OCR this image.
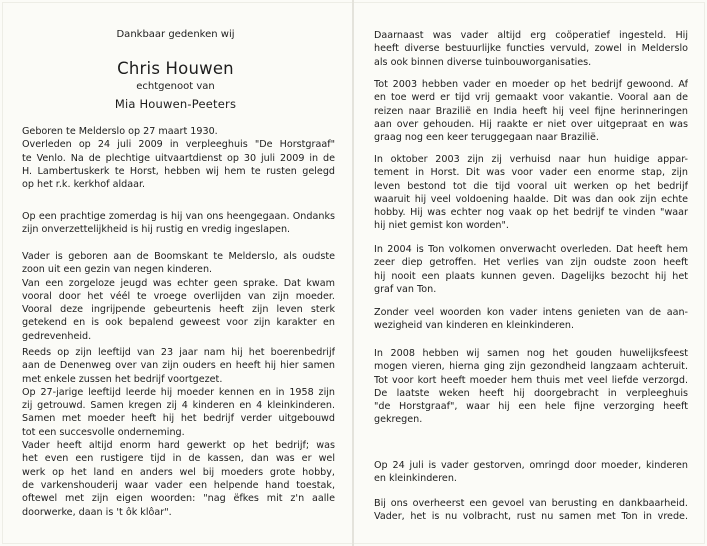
Dankbaar gedenken wij
Chris Houwen
echtgenoot van
Mia Houwen-Peeters
Geboren te Melderslo op 27 maart 1930.
Overleden op 24 juli 2009 in verpleeghuis "De Horstgraaf"
te Venlo. Na de plechtige uitvaartdienst op 30 juli 2009 in de
H. Lambertuskerk te Horst, hebben wij hem te rusten gelegd
op het r.k. kerkhof aldaar.
Op een prachtige zomerdag is hij van ons heengegaan. Ondanks
zijn onverzettelijkheid is hij rustig en vredig ingeslapen.
Vader is geboren aan de Boomskant te Melderslo, als oudste
zoon uit een gezin van negen kinderen.
Van een zorgeloze jeugd was echter geen sprake. Dat kwam
vooral door het véél te vroege overlijden van zijn moeder.
Vooral deze ingrijpende gebeurtenis heeft zijn leven sterk
getekend en is ook bepalend geweest voor zijn karakter en
gedrevenheid.
Reeds op zijn leeftijd van 23 jaar nam hij het boerenbedrijf
aan de Denenweg over van zijn ouders en heeft hij hier samen
met enkele zussen het bedrijf voortgezet.
Op 27-jarige leeftijd leerde hij moeder kennen en in 1958 zijn
zij getrouwd. Samen kregen zij 4 kinderen en 4 kleinkinderen.
Samen met moeder heeft hij het bedrijf verder uitgebouwd
tot een succesvolle onderneming.
Vader heeft altijd enorm hard gewerkt op het bedrijf; was
het even een rustigere tijd in de kassen, dan was er wel
werk op het land en anders wel bij moeders grote hobby,
de varkenshouderij waar vader een helpende hand toestak,
oftewel met zijn eigen woorden: "nag ëfkes mit z'n aalle
doorwerke, daan is 't ôk klôar".
Daarnaast was vader altijd erg coöperatief ingesteld. Hij
heeft diverse bestuurlijke functies vervuld, zowel in Melderslo
als ook binnen diverse tuinbouworganisaties.
Tot 2003 hebben vader en moeder op het bedrijf gewoond. Af
en toe werd er tijd vrij gemaakt voor vakantie. Vooral aan de
reizen naar Brazilië en India heeft hij veel fijne herinneringen
aan over gehouden. Hij raakte er niet over uitgepraat en was
graag nog een keer teruggegaan naar Brazilië.
In oktober 2003 zijn zij verhuisd naar hun huidige appar-
tement in Horst. Dit was voor vader een enorme stap, zijn
leven bestond tot die tijd vooral uit werken op het bedrijf
waaruit hij veel voldoening haalde. Dit was dan ook zijn echte
hobby. Hij was echter nog vaak op het bedrijf te vinden "waar
hij niet gemist kon worden".
In 2004 is Ton volkomen onverwacht overleden. Dat heeft hem
zeer diep getroffen. Het verlies van zijn oudste zoon heeft
hij nooit een plaats kunnen geven. Dagelijks bezocht hij het
graf van Ton.
Zonder veel woorden kon vader intens genieten van de aan-
wezigheid van kinderen en kleinkinderen.
In 2008 hebben wij samen nog het gouden huwelijksfeest
mogen vieren, hierna ging zijn gezondheid langzaam achteruit.
Tot voor kort heeft moeder hem thuis met veel liefde verzorgd.
De laatste weken heeft hij doorgebracht in verpleeghuis
"de Horstgraaf", waar hij een hele fijne verzorging heeft
gekregen.
Op 24 juli is vader gestorven, omringd door moeder, kinderen
en kleinkinderen.
Bij ons overheerst een gevoel van berusting en dankbaarheid.
Vader, het is nu volbracht, rust nu samen met Ton in vrede.
